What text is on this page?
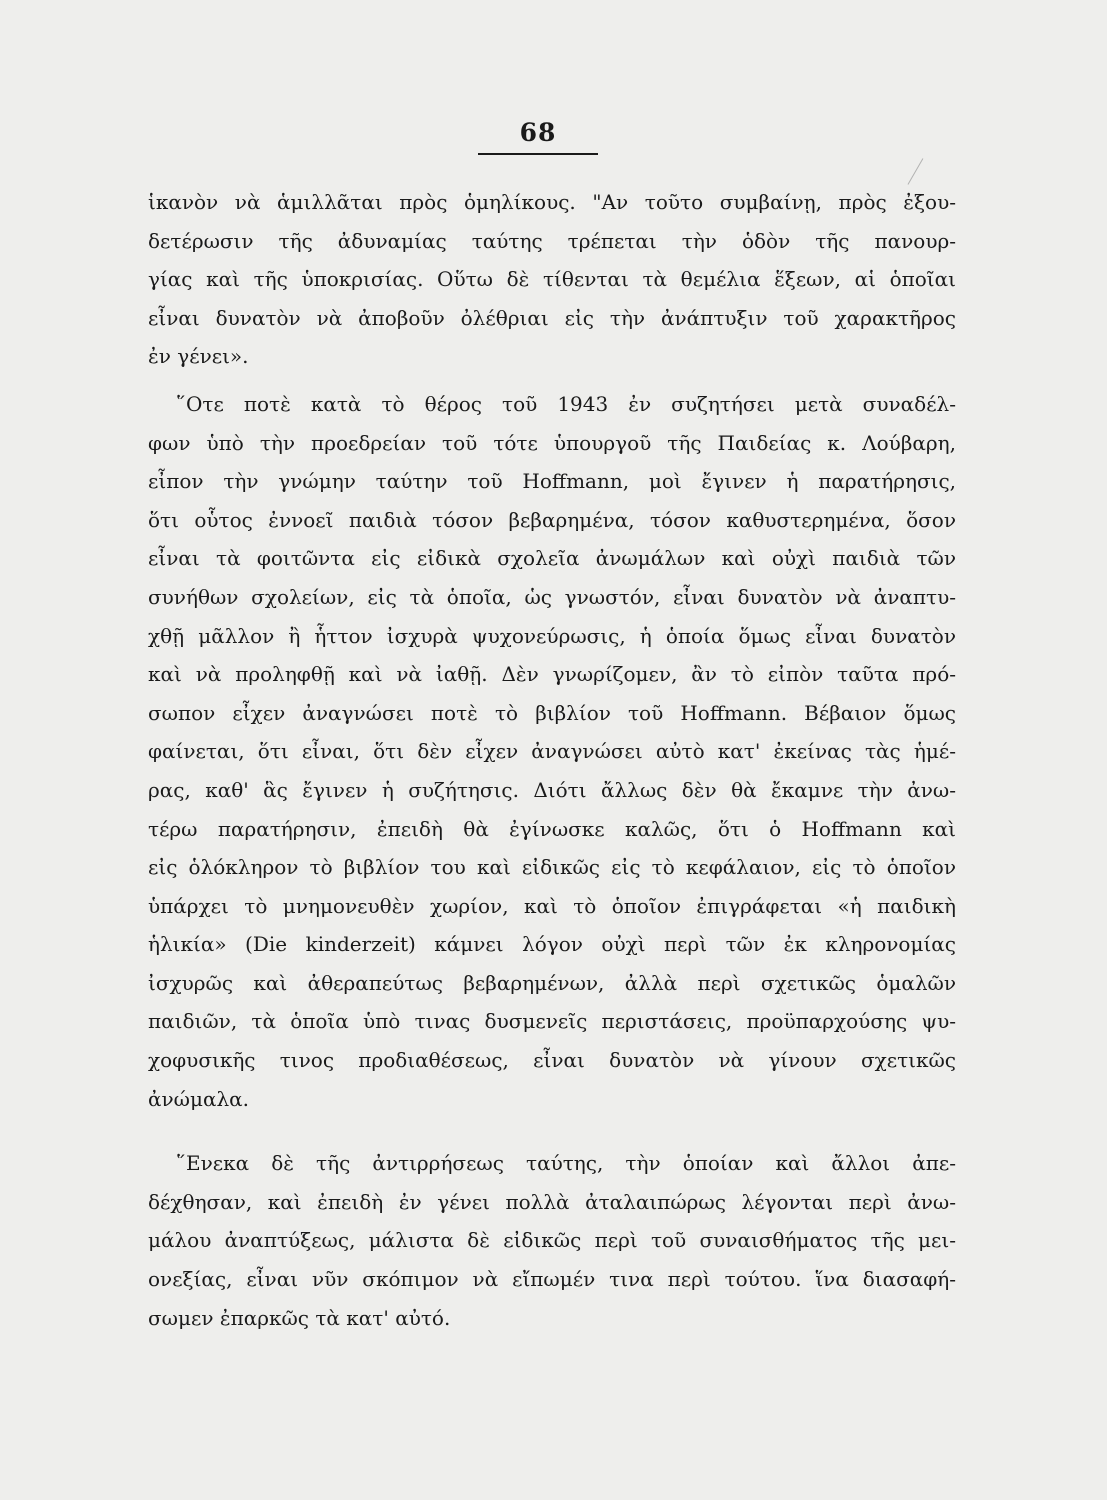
68
ἱκανὸν νὰ ἁμιλλᾶται πρὸς ὁμηλίκους. "Αν τοῦτο συμβαίνῃ, πρὸς ἐξου-
δετέρωσιν τῆς ἀδυναμίας ταύτης τρέπεται τὴν ὁδὸν τῆς πανουρ-
γίας καὶ τῆς ὑποκρισίας. Οὕτω δὲ τίθενται τὰ θεμέλια ἕξεων, αἱ ὁποῖαι
εἶναι δυνατὸν νὰ ἀποβοῦν ὀλέθριαι εἰς τὴν ἀνάπτυξιν τοῦ χαρακτῆρος
ἐν γένει».
῞Οτε ποτὲ κατὰ τὸ θέρος τοῦ 1943 ἐν συζητήσει μετὰ συναδέλ-
φων ὑπὸ τὴν προεδρείαν τοῦ τότε ὑπουργοῦ τῆς Παιδείας κ. Λούβαρη,
εἶπον τὴν γνώμην ταύτην τοῦ Hoffmann, μοὶ ἔγινεν ἡ παρατήρησις,
ὅτι οὗτος ἐννοεῖ παιδιὰ τόσον βεβαρημένα, τόσον καθυστερημένα, ὅσον
εἶναι τὰ φοιτῶντα εἰς εἰδικὰ σχολεῖα ἀνωμάλων καὶ οὐχὶ παιδιὰ τῶν
συνήθων σχολείων, εἰς τὰ ὁποῖα, ὡς γνωστόν, εἶναι δυνατὸν νὰ ἀναπτυ-
χθῇ μᾶλλον ἢ ἧττον ἰσχυρὰ ψυχονεύρωσις, ἡ ὁποία ὅμως εἶναι δυνατὸν
καὶ νὰ προληφθῇ καὶ νὰ ἰαθῇ. Δὲν γνωρίζομεν, ἂν τὸ εἰπὸν ταῦτα πρό-
σωπον εἶχεν ἀναγνώσει ποτὲ τὸ βιβλίον τοῦ Hoffmann. Βέβαιον ὅμως
φαίνεται, ὅτι εἶναι, ὅτι δὲν εἶχεν ἀναγνώσει αὐτὸ κατ' ἐκείνας τὰς ἡμέ-
ρας, καθ' ἃς ἔγινεν ἡ συζήτησις. Διότι ἄλλως δὲν θὰ ἔκαμνε τὴν ἀνω-
τέρω παρατήρησιν, ἐπειδὴ θὰ ἐγίνωσκε καλῶς, ὅτι ὁ Hoffmann καὶ
εἰς ὁλόκληρον τὸ βιβλίον του καὶ εἰδικῶς εἰς τὸ κεφάλαιον, εἰς τὸ ὁποῖον
ὑπάρχει τὸ μνημονευθὲν χωρίον, καὶ τὸ ὁποῖον ἐπιγράφεται «ἡ παιδικὴ
ἡλικία» (Die kinderzeit) κάμνει λόγον οὐχὶ περὶ τῶν ἐκ κληρονομίας
ἰσχυρῶς καὶ ἀθεραπεύτως βεβαρημένων, ἀλλὰ περὶ σχετικῶς ὁμαλῶν
παιδιῶν, τὰ ὁποῖα ὑπὸ τινας δυσμενεῖς περιστάσεις, προϋπαρχούσης ψυ-
χοφυσικῆς τινος προδιαθέσεως, εἶναι δυνατὸν νὰ γίνουν σχετικῶς
ἀνώμαλα.
῞Ενεκα δὲ τῆς ἀντιρρήσεως ταύτης, τὴν ὁποίαν καὶ ἄλλοι ἀπε-
δέχθησαν, καὶ ἐπειδὴ ἐν γένει πολλὰ ἀταλαιπώρως λέγονται περὶ ἀνω-
μάλου ἀναπτύξεως, μάλιστα δὲ εἰδικῶς περὶ τοῦ συναισθήματος τῆς μει-
ονεξίας, εἶναι νῦν σκόπιμον νὰ εἴπωμέν τινα περὶ τούτου. ἵνα διασαφή-
σωμεν ἐπαρκῶς τὰ κατ' αὐτό.
